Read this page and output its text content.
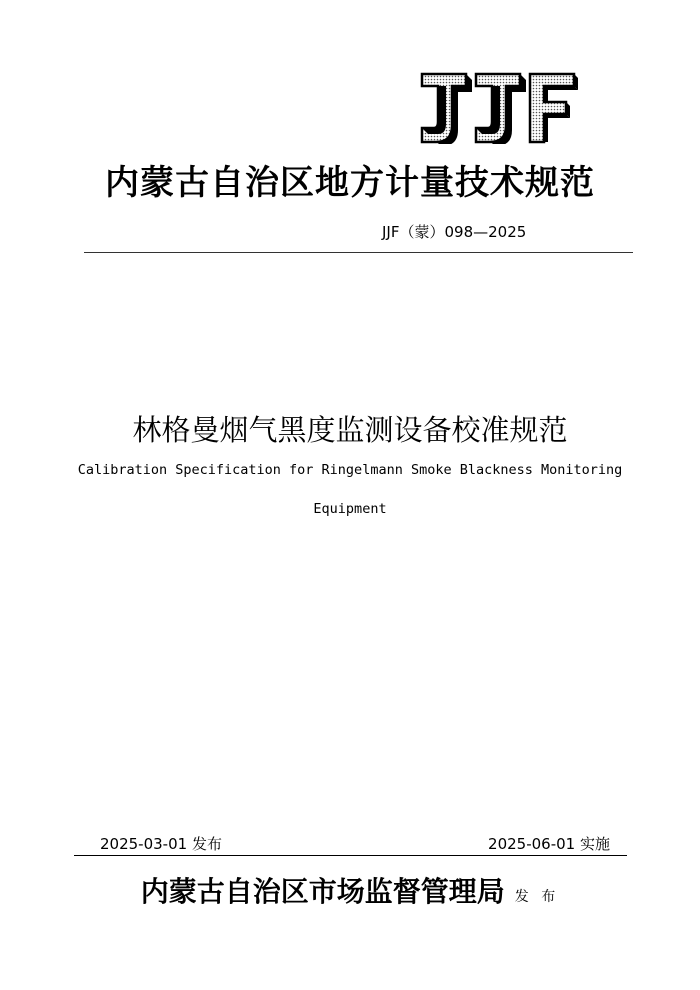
内蒙古自治区地方计量技术规范
JJF（蒙）098—2025
林格曼烟气黑度监测设备校准规范
Calibration Specification for Ringelmann Smoke Blackness Monitoring
Equipment
2025-03-01 发布	2025-06-01 实施
内蒙古自治区市场监督管理局 发 布
